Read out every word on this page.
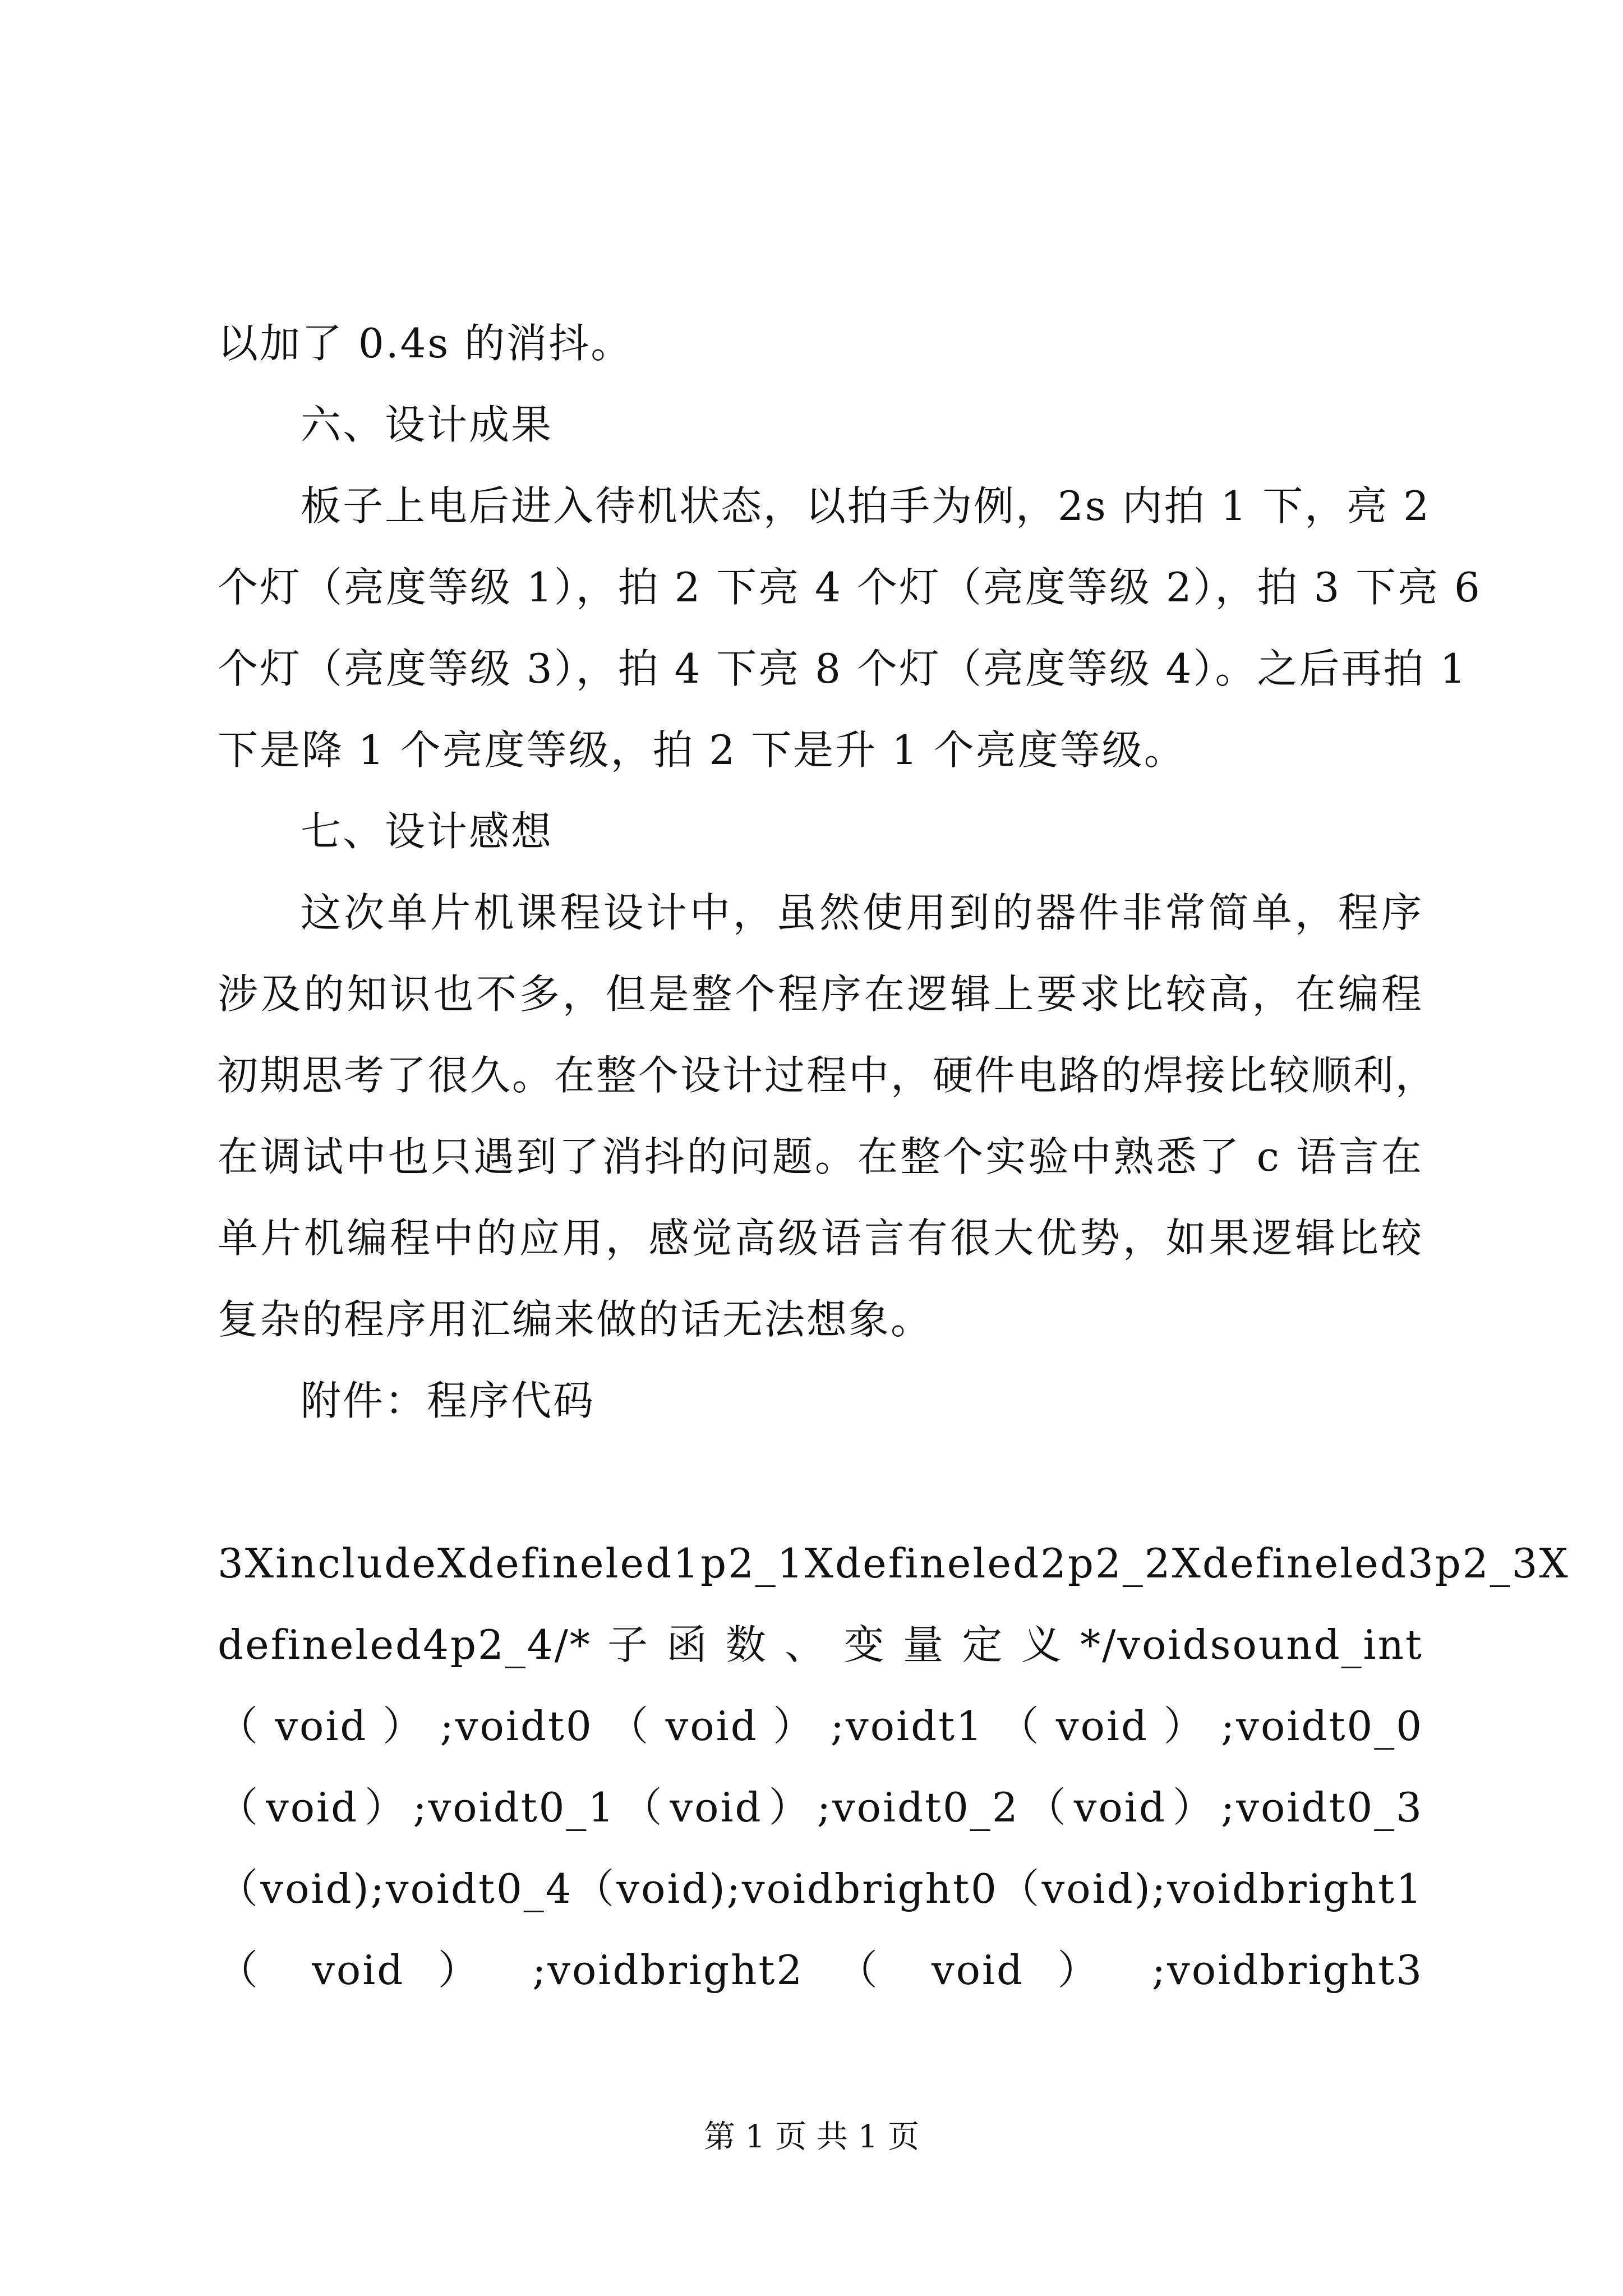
以加了 0.4s 的消抖。
六、设计成果
板子上电后进入待机状态，以拍手为例，2s 内拍 1 下，亮 2
个灯（亮度等级 1），拍 2 下亮 4 个灯（亮度等级 2），拍 3 下亮 6
个灯（亮度等级 3），拍 4 下亮 8 个灯（亮度等级 4）。之后再拍 1
下是降 1 个亮度等级，拍 2 下是升 1 个亮度等级。
七、设计感想
这次单片机课程设计中，虽然使用到的器件非常简单，程序
涉及的知识也不多，但是整个程序在逻辑上要求比较高，在编程
初期思考了很久。在整个设计过程中，硬件电路的焊接比较顺利，
在调试中也只遇到了消抖的问题。在整个实验中熟悉了 c 语言在
单片机编程中的应用，感觉高级语言有很大优势，如果逻辑比较
复杂的程序用汇编来做的话无法想象。
附件：程序代码
3XincludeXdefineled1p2_1Xdefineled2p2_2Xdefineled3p2_3X
defineled4p2_4/* 子 函 数 、 变 量 定 义 */voidsound_int
（ void ） ;voidt0 （ void ） ;voidt1 （ void ） ;voidt0_0
（void）;voidt0_1（void）;voidt0_2（void）;voidt0_3
（void);voidt0_4（void);voidbright0（void);voidbright1
（ void ） ;voidbright2 （ void ） ;voidbright3
第 1 页 共 1 页
